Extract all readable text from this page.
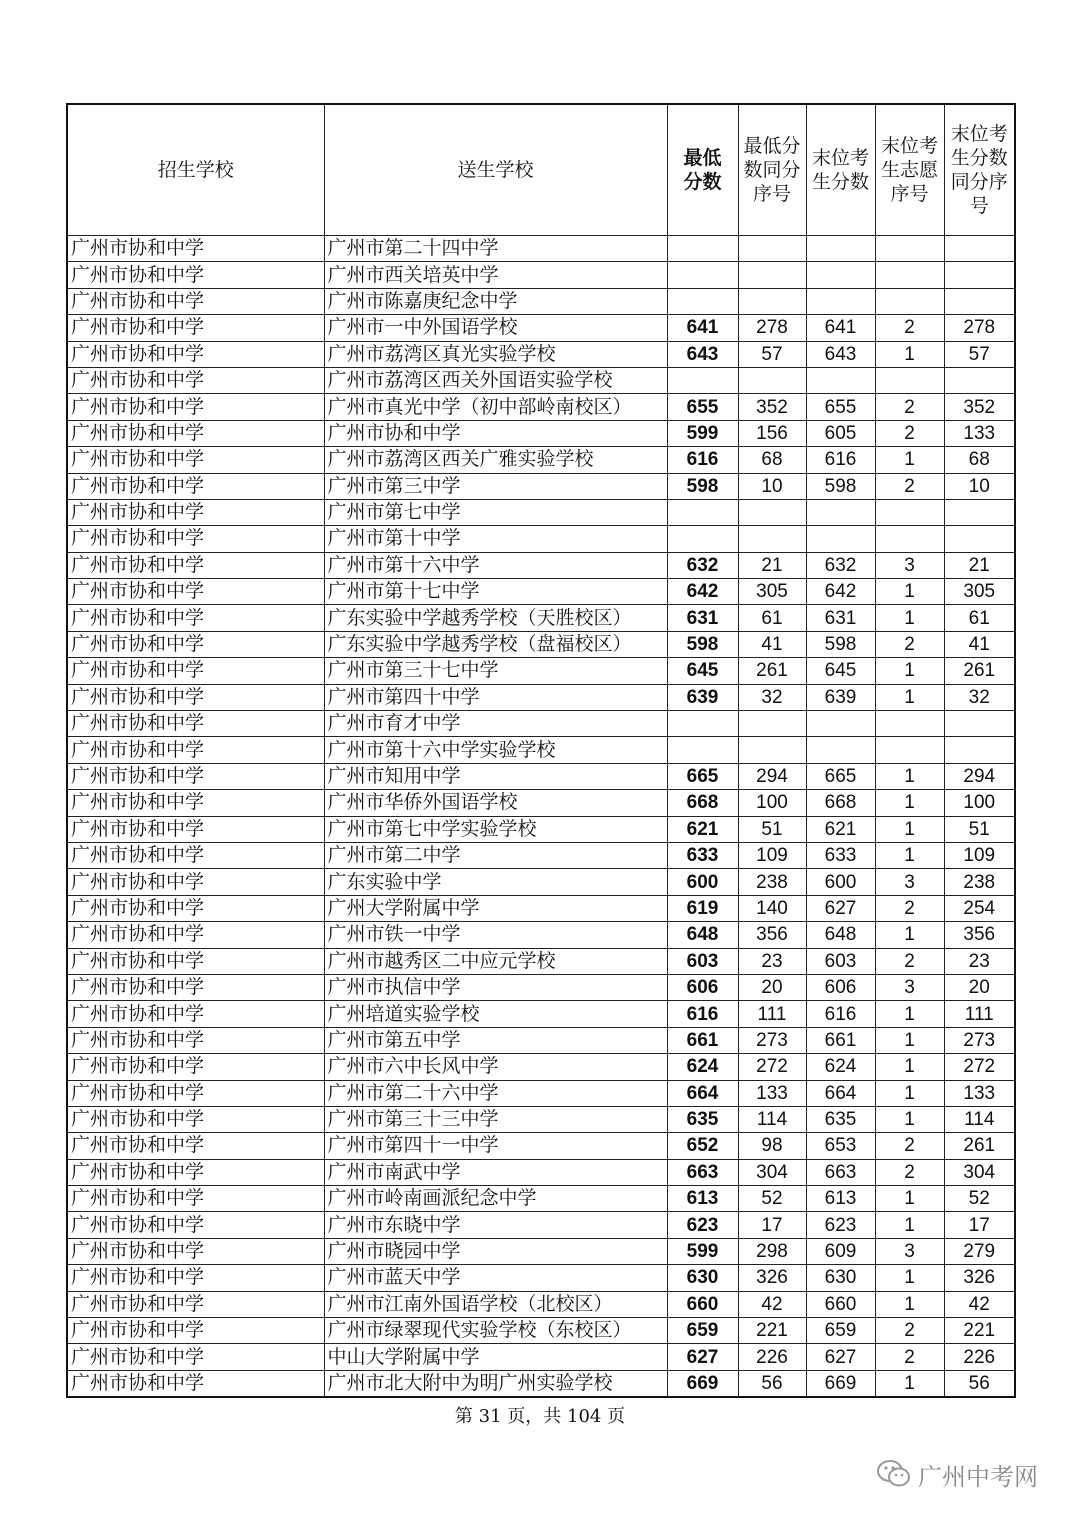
招生学校	送生学校	最低分数	最低分数同分序号	末位考生分数	末位考生志愿序号	末位考生分数同分序号

广州市协和中学	广州市第二十四中学					
广州市协和中学	广州市西关培英中学					
广州市协和中学	广州市陈嘉庚纪念中学					
广州市协和中学	广州市一中外国语学校	641	278	641	2	278
广州市协和中学	广州市荔湾区真光实验学校	643	57	643	1	57
广州市协和中学	广州市荔湾区西关外国语实验学校					
广州市协和中学	广州市真光中学（初中部岭南校区）	655	352	655	2	352
广州市协和中学	广州市协和中学	599	156	605	2	133
广州市协和中学	广州市荔湾区西关广雅实验学校	616	68	616	1	68
广州市协和中学	广州市第三中学	598	10	598	2	10
广州市协和中学	广州市第七中学					
广州市协和中学	广州市第十中学					
广州市协和中学	广州市第十六中学	632	21	632	3	21
广州市协和中学	广州市第十七中学	642	305	642	1	305
广州市协和中学	广东实验中学越秀学校（天胜校区）	631	61	631	1	61
广州市协和中学	广东实验中学越秀学校（盘福校区）	598	41	598	2	41
广州市协和中学	广州市第三十七中学	645	261	645	1	261
广州市协和中学	广州市第四十中学	639	32	639	1	32
广州市协和中学	广州市育才中学					
广州市协和中学	广州市第十六中学实验学校					
广州市协和中学	广州市知用中学	665	294	665	1	294
广州市协和中学	广州市华侨外国语学校	668	100	668	1	100
广州市协和中学	广州市第七中学实验学校	621	51	621	1	51
广州市协和中学	广州市第二中学	633	109	633	1	109
广州市协和中学	广东实验中学	600	238	600	3	238
广州市协和中学	广州大学附属中学	619	140	627	2	254
广州市协和中学	广州市铁一中学	648	356	648	1	356
广州市协和中学	广州市越秀区二中应元学校	603	23	603	2	23
广州市协和中学	广州市执信中学	606	20	606	3	20
广州市协和中学	广州培道实验学校	616	111	616	1	111
广州市协和中学	广州市第五中学	661	273	661	1	273
广州市协和中学	广州市六中长风中学	624	272	624	1	272
广州市协和中学	广州市第二十六中学	664	133	664	1	133
广州市协和中学	广州市第三十三中学	635	114	635	1	114
广州市协和中学	广州市第四十一中学	652	98	653	2	261
广州市协和中学	广州市南武中学	663	304	663	2	304
广州市协和中学	广州市岭南画派纪念中学	613	52	613	1	52
广州市协和中学	广州市东晓中学	623	17	623	1	17
广州市协和中学	广州市晓园中学	599	298	609	3	279
广州市协和中学	广州市蓝天中学	630	326	630	1	326
广州市协和中学	广州市江南外国语学校（北校区）	660	42	660	1	42
广州市协和中学	广州市绿翠现代实验学校（东校区）	659	221	659	2	221
广州市协和中学	中山大学附属中学	627	226	627	2	226
广州市协和中学	广州市北大附中为明广州实验学校	669	56	669	1	56
第 31 页，共 104 页
广州中考网
